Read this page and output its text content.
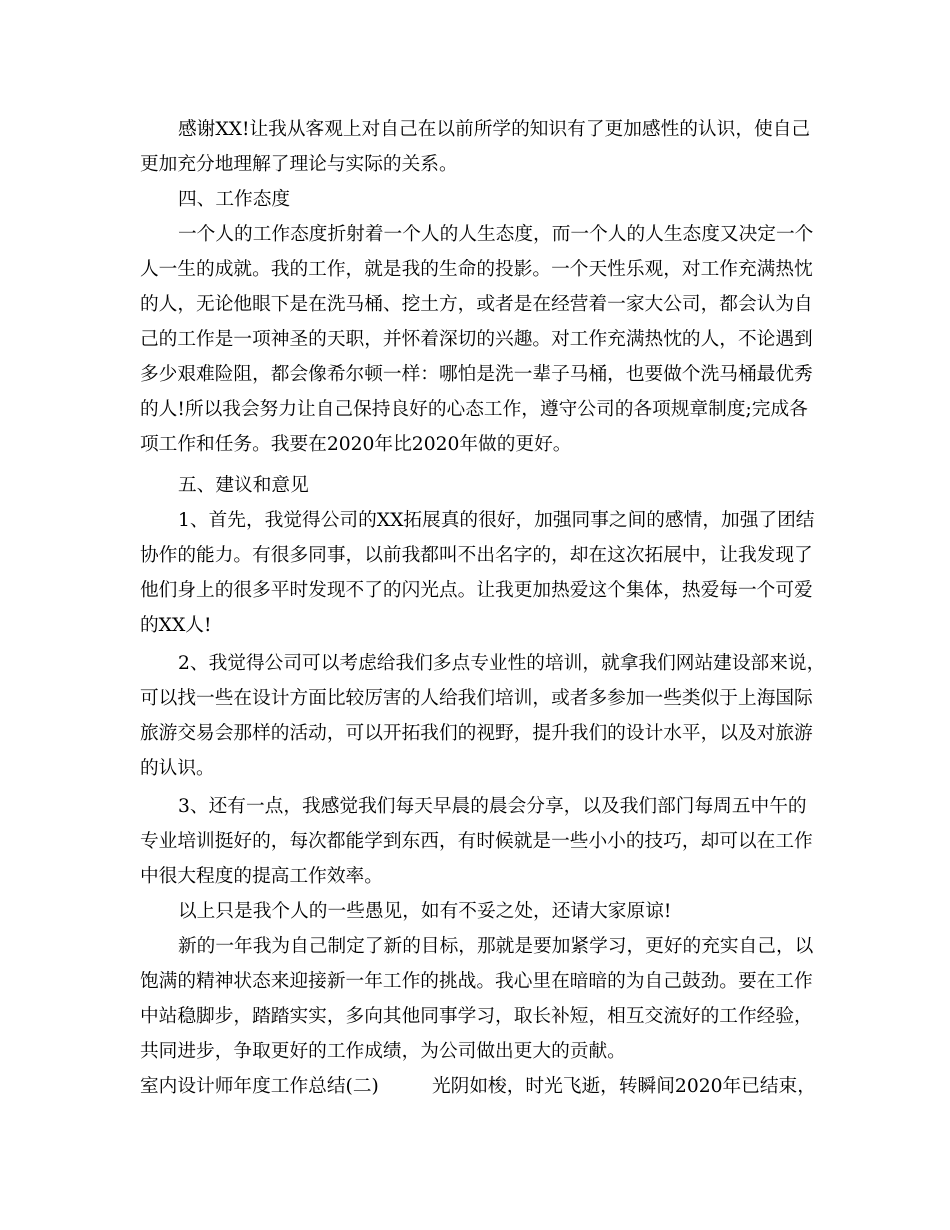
感谢XX!让我从客观上对自己在以前所学的知识有了更加感性的认识，使自己
更加充分地理解了理论与实际的关系。
四、工作态度
一个人的工作态度折射着一个人的人生态度，而一个人的人生态度又决定一个
人一生的成就。我的工作，就是我的生命的投影。一个天性乐观，对工作充满热忱
的人，无论他眼下是在洗马桶、挖土方，或者是在经营着一家大公司，都会认为自
己的工作是一项神圣的天职，并怀着深切的兴趣。对工作充满热忱的人，不论遇到
多少艰难险阻，都会像希尔顿一样：哪怕是洗一辈子马桶，也要做个洗马桶最优秀
的人!所以我会努力让自己保持良好的心态工作，遵守公司的各项规章制度;完成各
项工作和任务。我要在2020年比2020年做的更好。
五、建议和意见
1、首先，我觉得公司的XX拓展真的很好，加强同事之间的感情，加强了团结
协作的能力。有很多同事，以前我都叫不出名字的，却在这次拓展中，让我发现了
他们身上的很多平时发现不了的闪光点。让我更加热爱这个集体，热爱每一个可爱
的XX人!
2、我觉得公司可以考虑给我们多点专业性的培训，就拿我们网站建设部来说，
可以找一些在设计方面比较厉害的人给我们培训，或者多参加一些类似于上海国际
旅游交易会那样的活动，可以开拓我们的视野，提升我们的设计水平，以及对旅游
的认识。
3、还有一点，我感觉我们每天早晨的晨会分享，以及我们部门每周五中午的
专业培训挺好的，每次都能学到东西，有时候就是一些小小的技巧，却可以在工作
中很大程度的提高工作效率。
以上只是我个人的一些愚见，如有不妥之处，还请大家原谅!
新的一年我为自己制定了新的目标，那就是要加紧学习，更好的充实自己，以
饱满的精神状态来迎接新一年工作的挑战。我心里在暗暗的为自己鼓劲。要在工作
中站稳脚步，踏踏实实，多向其他同事学习，取长补短，相互交流好的工作经验，
共同进步，争取更好的工作成绩，为公司做出更大的贡献。
室内设计师年度工作总结(二)	光阴如梭，时光飞逝，转瞬间2020年已结束，
